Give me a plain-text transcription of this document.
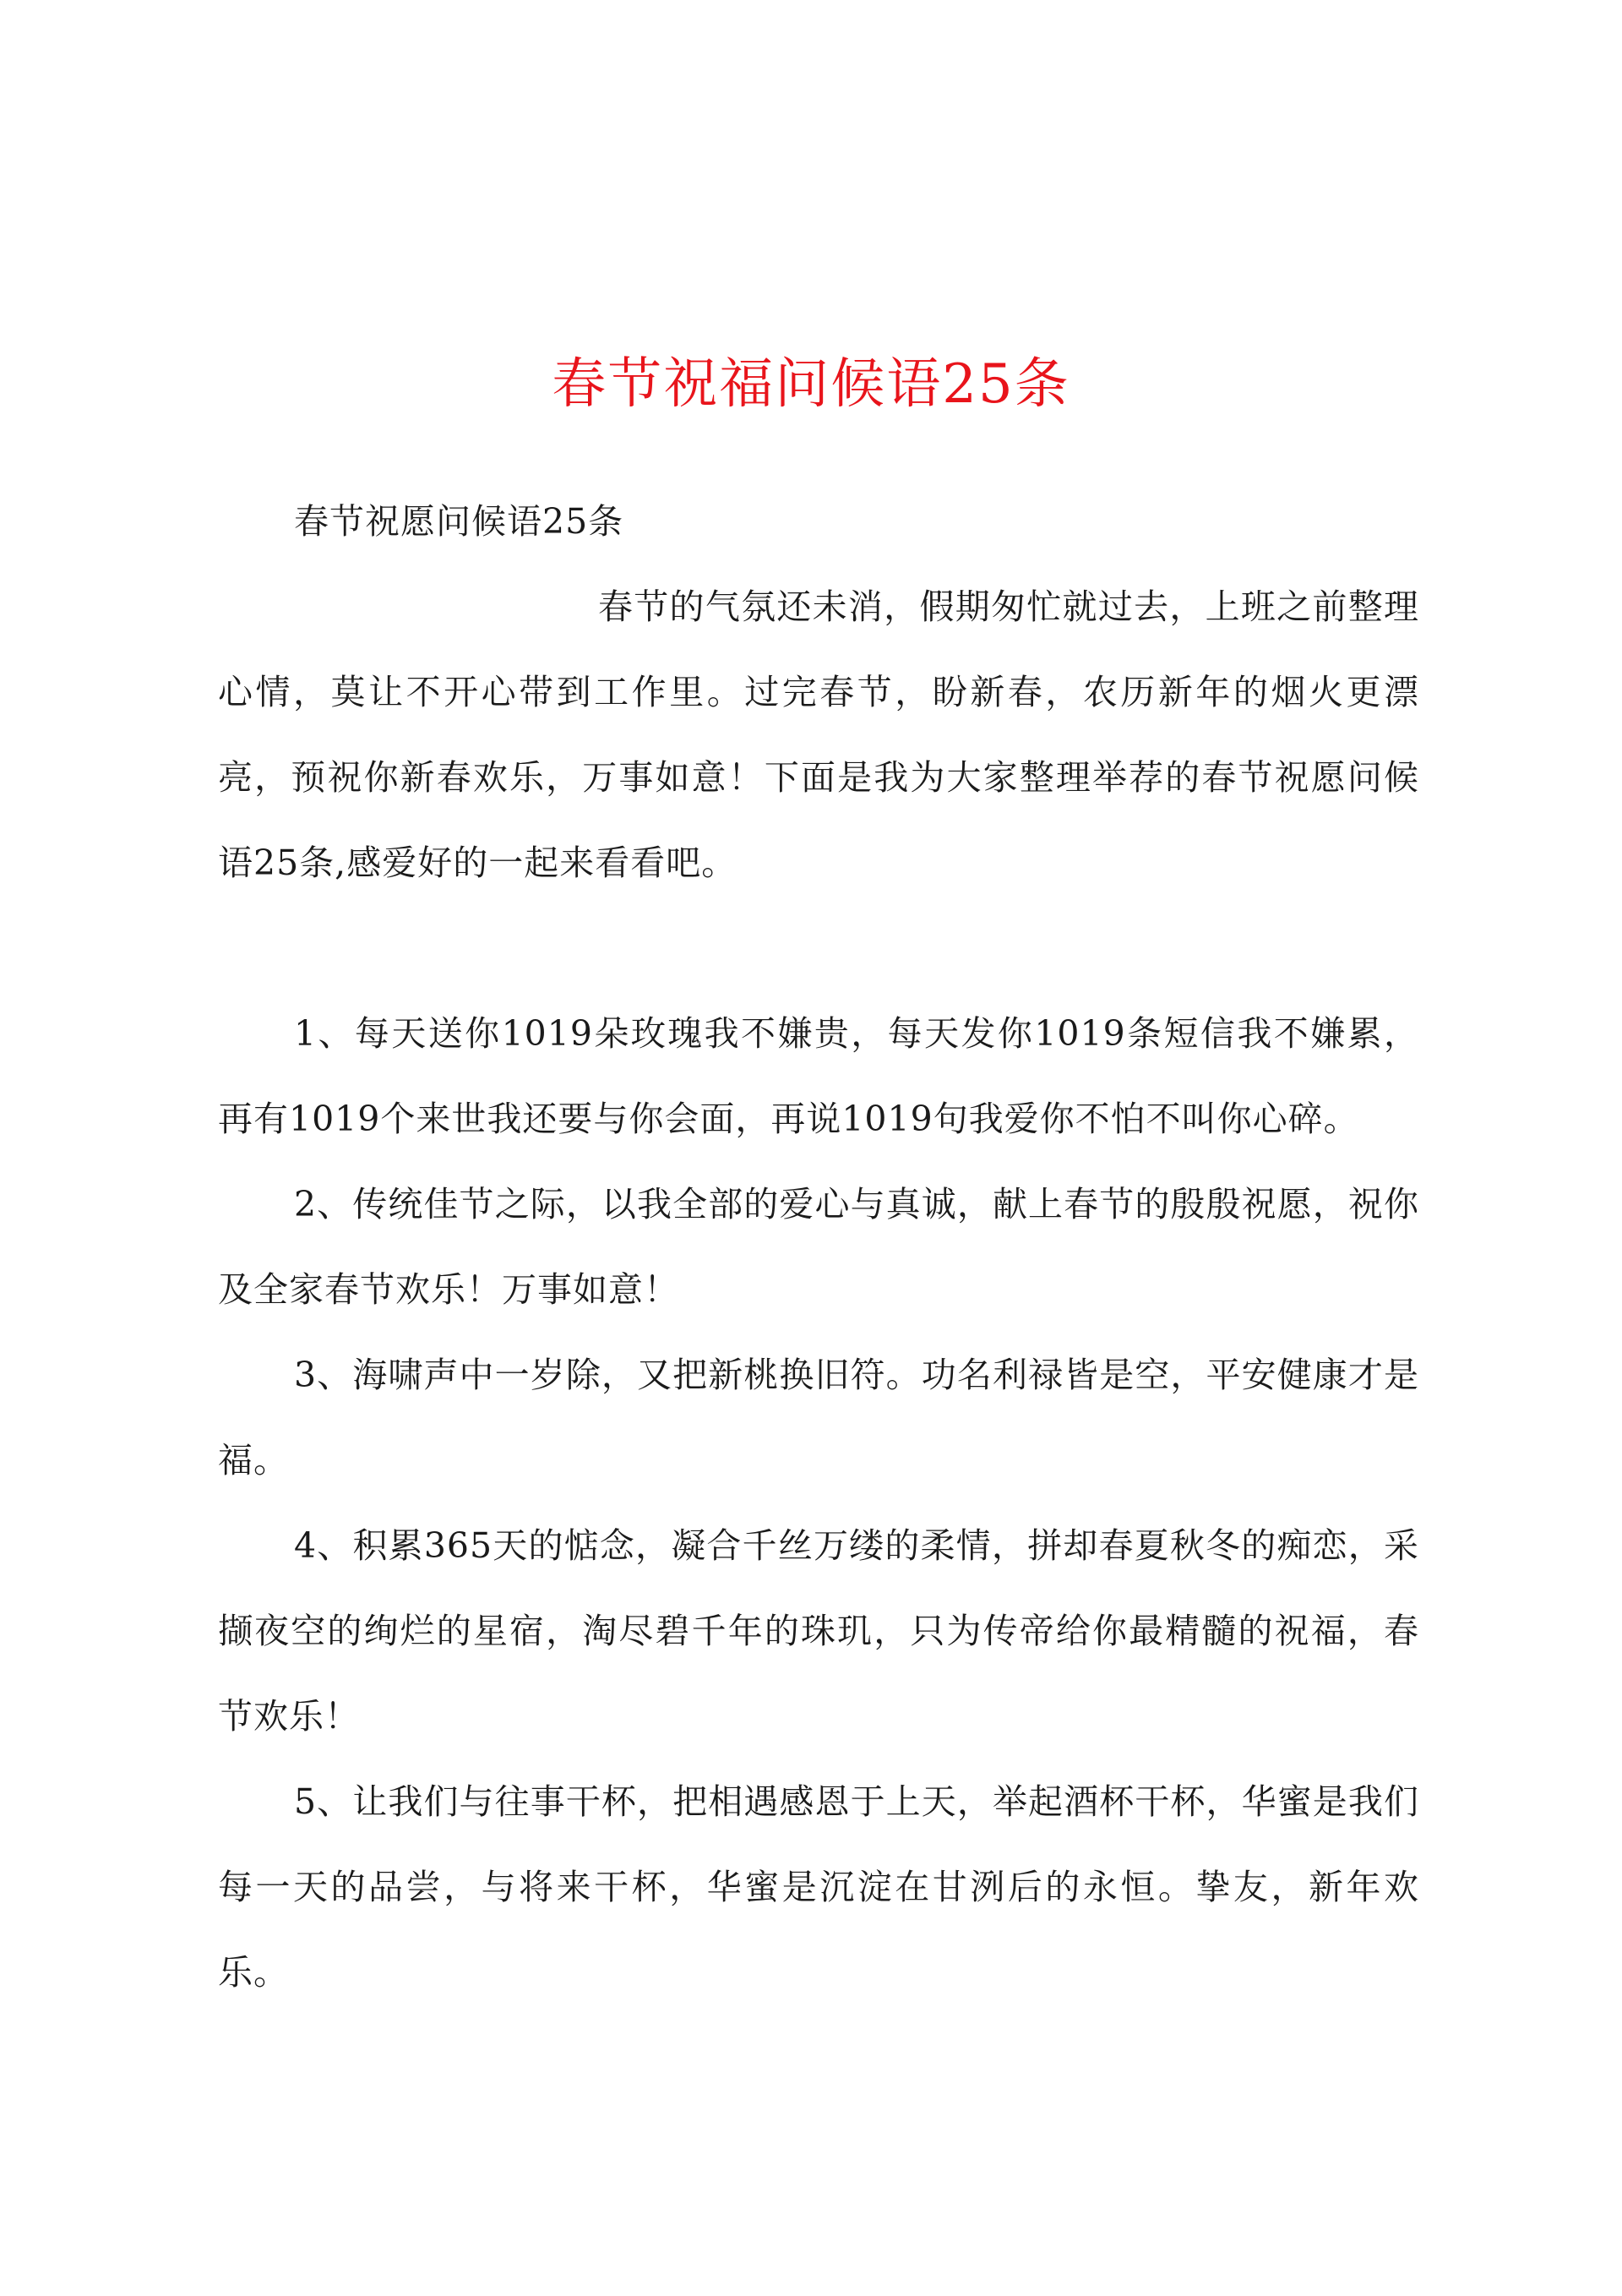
春节祝福问候语25条

春节祝愿问候语25条

春节的气氛还未消，假期匆忙就过去，上班之前整理心情，莫让不开心带到工作里。过完春节，盼新春，农历新年的烟火更漂亮，预祝你新春欢乐，万事如意！下面是我为大家整理举荐的春节祝愿问候语25条,感爱好的一起来看看吧。

1、每天送你1019朵玫瑰我不嫌贵，每天发你1019条短信我不嫌累，再有1019个来世我还要与你会面，再说1019句我爱你不怕不叫你心碎。

2、传统佳节之际，以我全部的爱心与真诚，献上春节的殷殷祝愿，祝你及全家春节欢乐！万事如意！

3、海啸声中一岁除，又把新桃换旧符。功名利禄皆是空，平安健康才是福。

4、积累365天的惦念，凝合千丝万缕的柔情，拼却春夏秋冬的痴恋，采撷夜空的绚烂的星宿，淘尽碧千年的珠玑，只为传帝给你最精髓的祝福，春节欢乐！

5、让我们与往事干杯，把相遇感恩于上天，举起酒杯干杯，华蜜是我们每一天的品尝，与将来干杯，华蜜是沉淀在甘洌后的永恒。挚友，新年欢乐。
